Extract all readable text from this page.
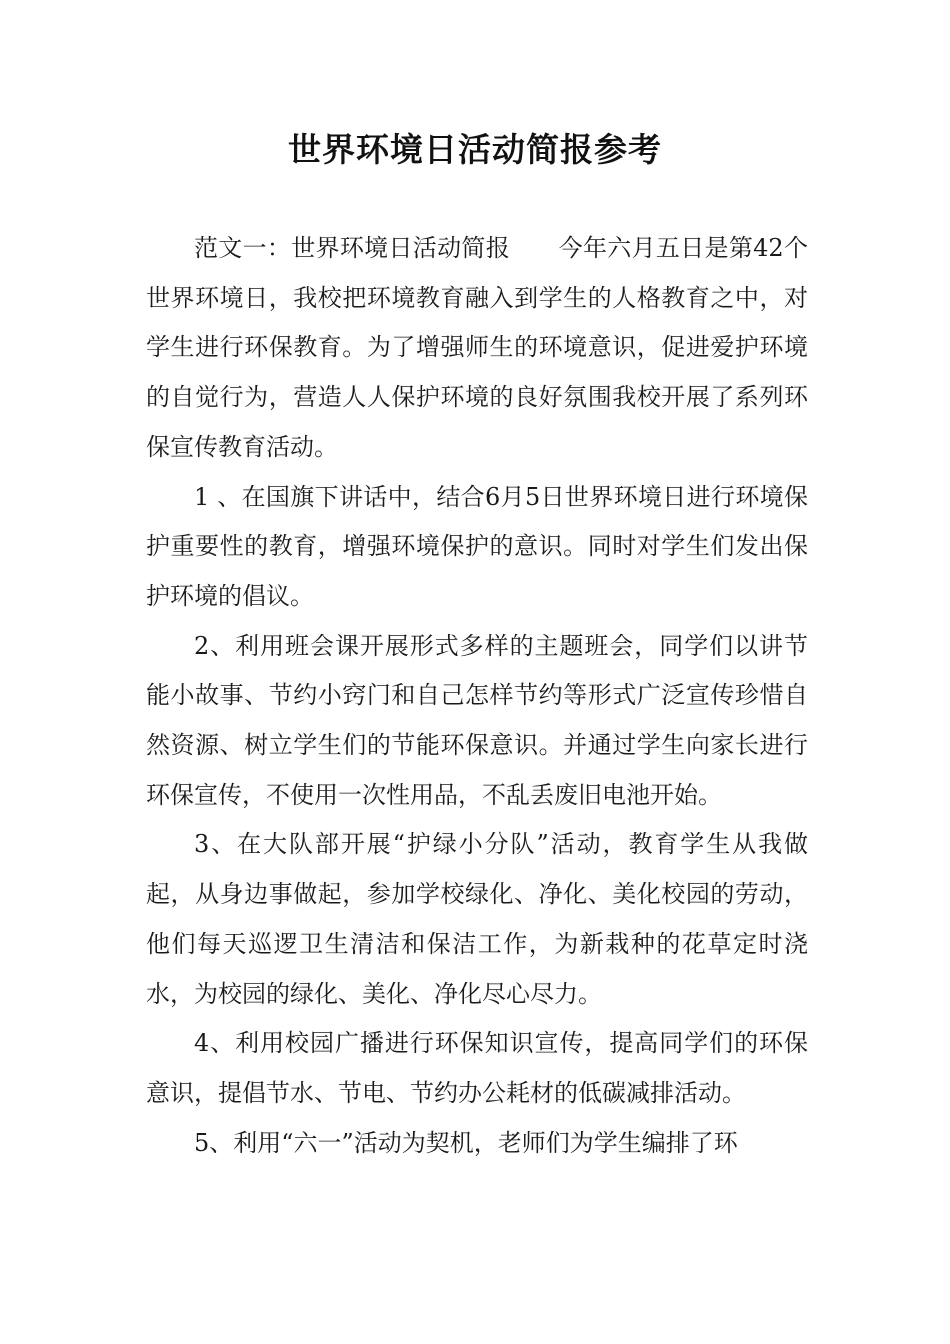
世界环境日活动简报参考

范文一：世界环境日活动简报　　今年六月五日是第42个世界环境日，我校把环境教育融入到学生的人格教育之中，对学生进行环保教育。为了增强师生的环境意识，促进爱护环境的自觉行为，营造人人保护环境的良好氛围我校开展了系列环保宣传教育活动。

1 、在国旗下讲话中，结合6月5日世界环境日进行环境保护重要性的教育，增强环境保护的意识。同时对学生们发出保护环境的倡议。

2、利用班会课开展形式多样的主题班会，同学们以讲节能小故事、节约小窍门和自己怎样节约等形式广泛宣传珍惜自然资源、树立学生们的节能环保意识。并通过学生向家长进行环保宣传，不使用一次性用品，不乱丢废旧电池开始。

3、在大队部开展“护绿小分队”活动，教育学生从我做起，从身边事做起，参加学校绿化、净化、美化校园的劳动，他们每天巡逻卫生清洁和保洁工作，为新栽种的花草定时浇水，为校园的绿化、美化、净化尽心尽力。

4、利用校园广播进行环保知识宣传，提高同学们的环保意识，提倡节水、节电、节约办公耗材的低碳减排活动。

5、利用“六一”活动为契机，老师们为学生编排了环
